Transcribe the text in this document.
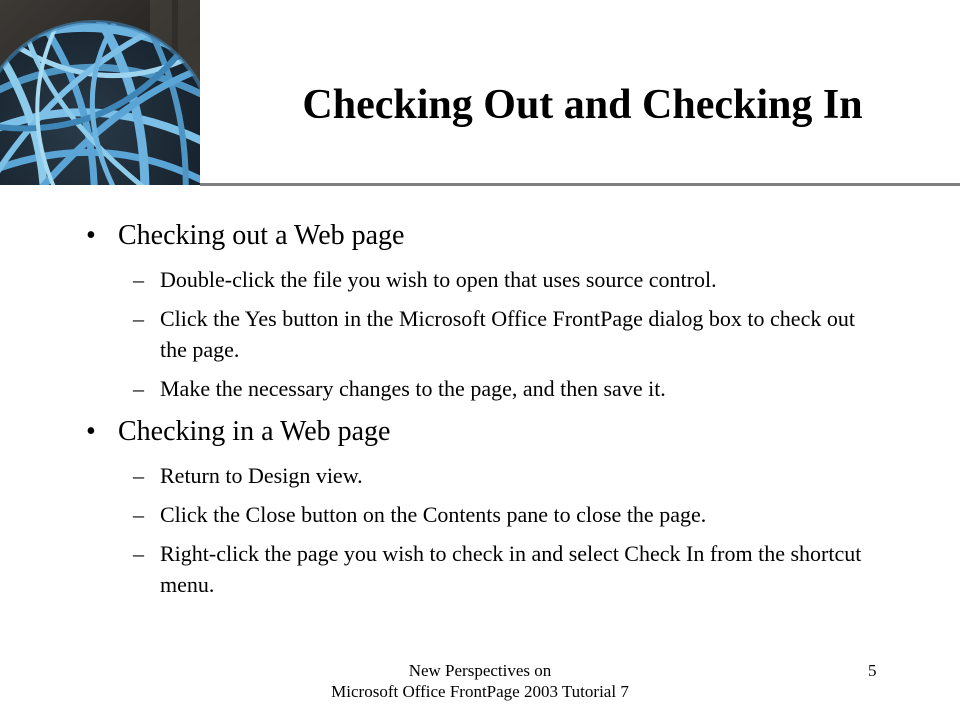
Checking Out and Checking In
• Checking out a Web page
– Double-click the file you wish to open that uses source control.
– Click the Yes button in the Microsoft Office FrontPage dialog box to check out the page.
– Make the necessary changes to the page, and then save it.
• Checking in a Web page
– Return to Design view.
– Click the Close button on the Contents pane to close the page.
– Right-click the page you wish to check in and select Check In from the shortcut menu.
New Perspectives on
Microsoft Office FrontPage 2003 Tutorial 7
5
